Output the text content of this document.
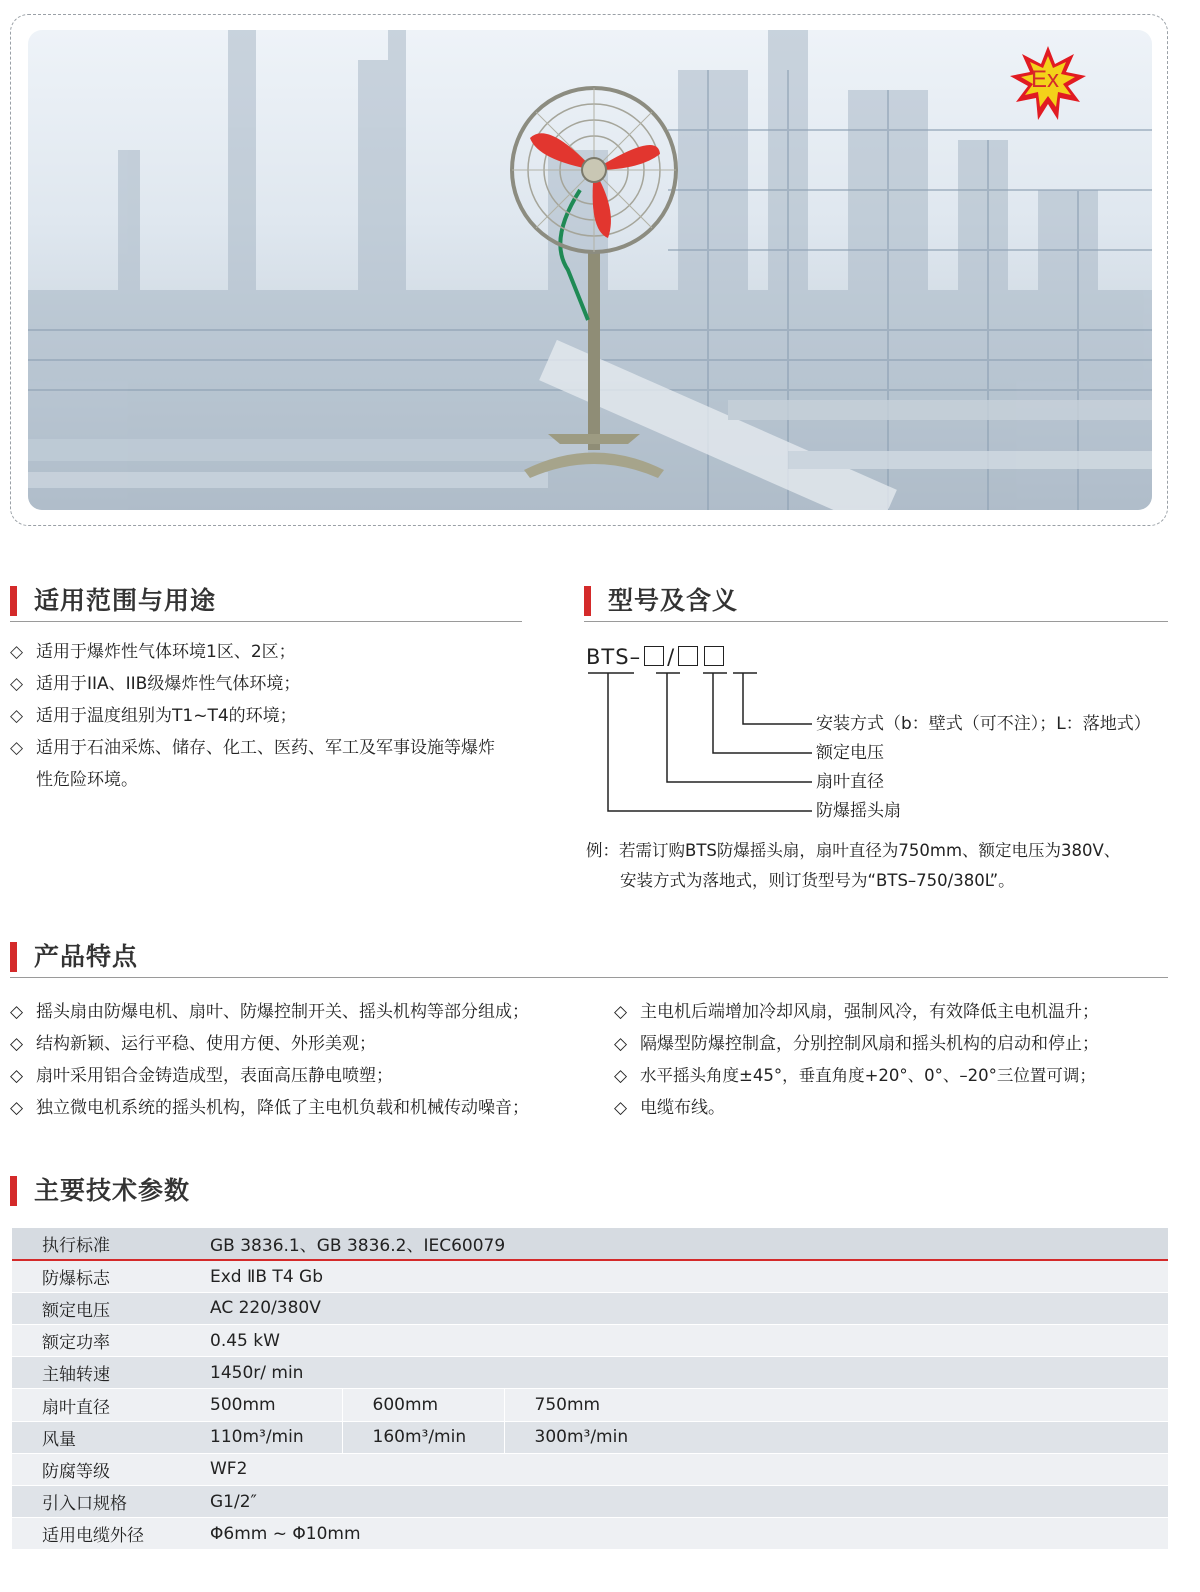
Ex
适用范围与用途
◇ 适用于爆炸性气体环境1区、2区；
◇ 适用于IIA、IIB级爆炸性气体环境；
◇ 适用于温度组别为T1~T4的环境；
◇ 适用于石油采炼、储存、化工、医药、军工及军事设施等爆炸性危险环境。
型号及含义
BTS– /
安装方式（b：壁式（可不注）；L：落地式）
额定电压
扇叶直径
防爆摇头扇
例：若需订购BTS防爆摇头扇，扇叶直径为750mm、额定电压为380V、
安装方式为落地式，则订货型号为“BTS–750/380L”。
产品特点
◇ 摇头扇由防爆电机、扇叶、防爆控制开关、摇头机构等部分组成；
◇ 结构新颖、运行平稳、使用方便、外形美观；
◇ 扇叶采用铝合金铸造成型，表面高压静电喷塑；
◇ 独立微电机系统的摇头机构，降低了主电机负载和机械传动噪音；
◇ 主电机后端增加冷却风扇，强制风冷，有效降低主电机温升；
◇ 隔爆型防爆控制盒，分别控制风扇和摇头机构的启动和停止；
◇ 水平摇头角度±45°，垂直角度+20°、0°、–20°三位置可调；
◇ 电缆布线。
主要技术参数
执行标准	GB 3836.1、GB 3836.2、IEC60079		
防爆标志	Exd ⅡB T4 Gb		
额定电压	AC 220/380V		
额定功率	0.45 kW		
主轴转速	1450r/ min		
扇叶直径	500mm	600mm	750mm
风量	110m³/min	160m³/min	300m³/min
防腐等级	WF2		
引入口规格	G1/2″		
适用电缆外径	Φ6mm ~ Φ10mm		
